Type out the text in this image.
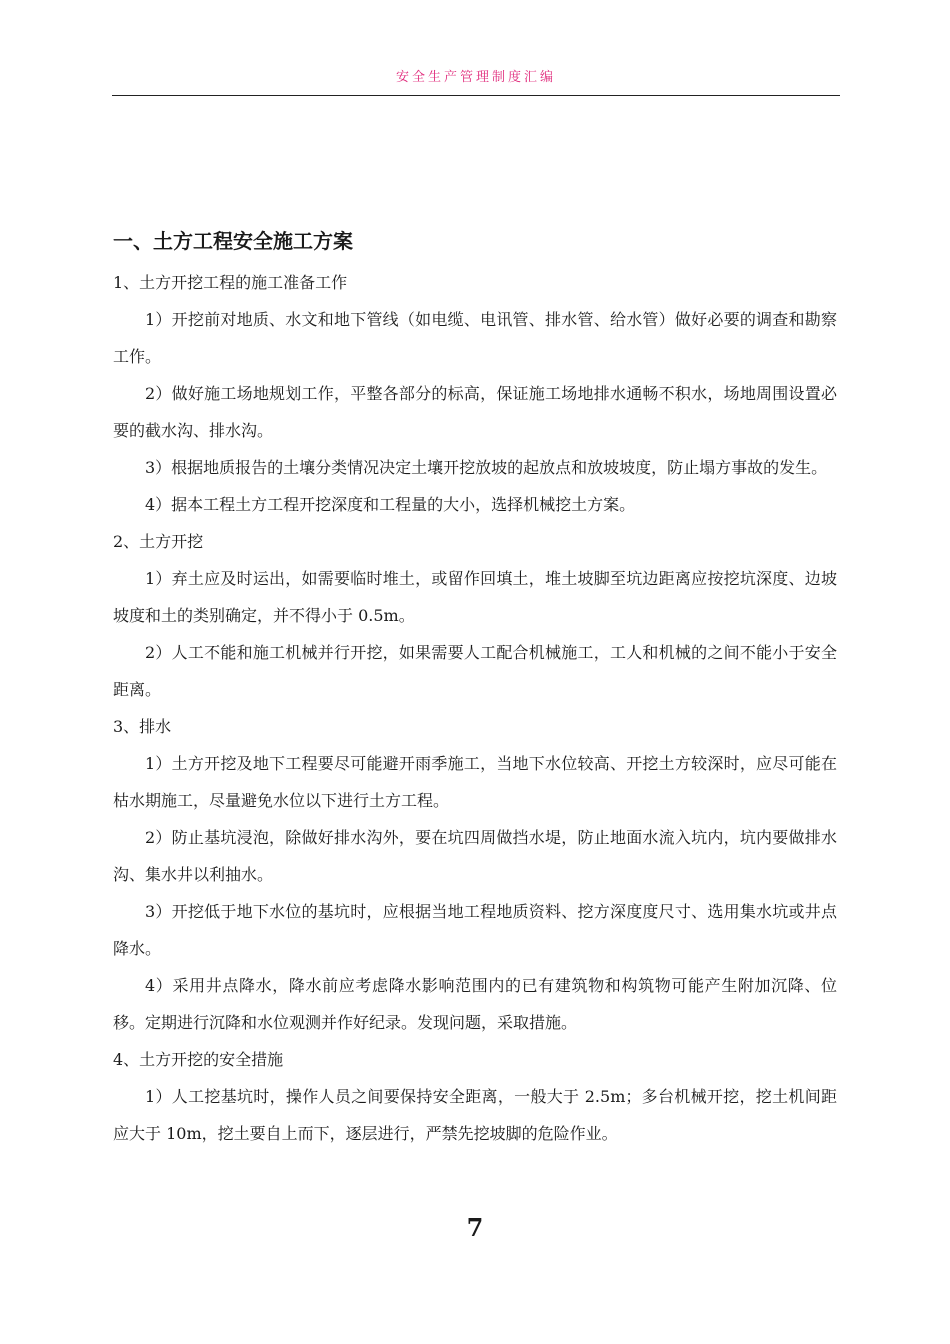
安全生产管理制度汇编
一、土方工程安全施工方案
1、土方开挖工程的施工准备工作

1）开挖前对地质、水文和地下管线（如电缆、电讯管、排水管、给水管）做好必要的调查和勘察工作。

2）做好施工场地规划工作，平整各部分的标高，保证施工场地排水通畅不积水，场地周围设置必要的截水沟、排水沟。

3）根据地质报告的土壤分类情况决定土壤开挖放坡的起放点和放坡坡度，防止塌方事故的发生。

4）据本工程土方工程开挖深度和工程量的大小，选择机械挖土方案。

2、土方开挖

1）弃土应及时运出，如需要临时堆土，或留作回填土，堆土坡脚至坑边距离应按挖坑深度、边坡坡度和土的类别确定，并不得小于 0.5m。

2）人工不能和施工机械并行开挖，如果需要人工配合机械施工，工人和机械的之间不能小于安全距离。

3、排水

1）土方开挖及地下工程要尽可能避开雨季施工，当地下水位较高、开挖土方较深时，应尽可能在枯水期施工，尽量避免水位以下进行土方工程。

2）防止基坑浸泡，除做好排水沟外，要在坑四周做挡水堤，防止地面水流入坑内，坑内要做排水沟、集水井以利抽水。

3）开挖低于地下水位的基坑时，应根据当地工程地质资料、挖方深度度尺寸、选用集水坑或井点降水。

4）采用井点降水，降水前应考虑降水影响范围内的已有建筑物和构筑物可能产生附加沉降、位移。定期进行沉降和水位观测并作好纪录。发现问题，采取措施。

4、土方开挖的安全措施

1）人工挖基坑时，操作人员之间要保持安全距离，一般大于 2.5m；多台机械开挖，挖土机间距应大于 10m，挖土要自上而下，逐层进行，严禁先挖坡脚的危险作业。

7
